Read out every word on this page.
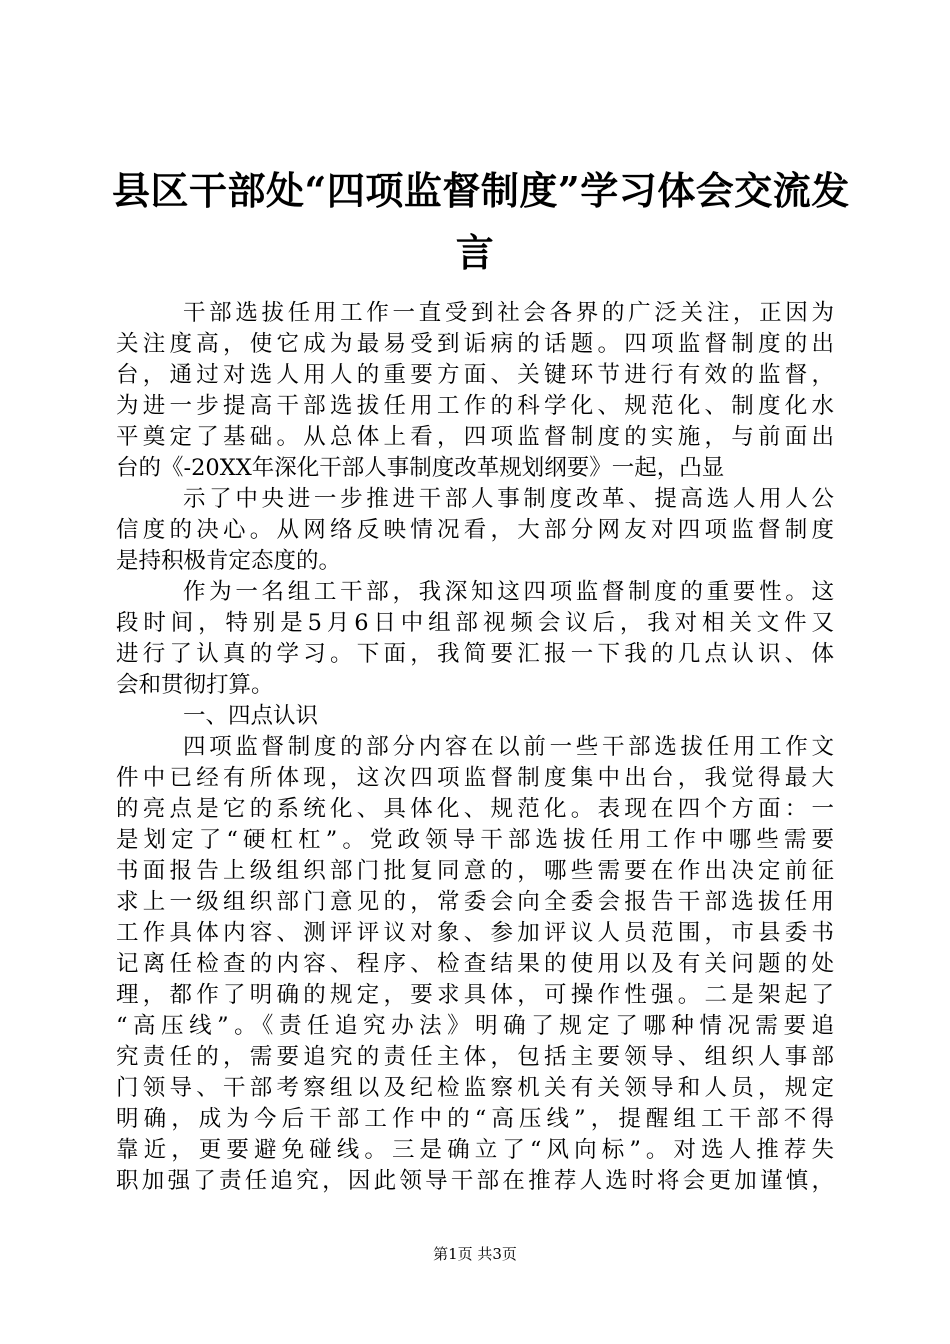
县区干部处“四项监督制度”学习体会交流发
言
干部选拔任用工作一直受到社会各界的广泛关注，正因为
关注度高，使它成为最易受到诟病的话题。四项监督制度的出
台，通过对选人用人的重要方面、关键环节进行有效的监督，
为进一步提高干部选拔任用工作的科学化、规范化、制度化水
平奠定了基础。从总体上看，四项监督制度的实施，与前面出
台的《-20XX年深化干部人事制度改革规划纲要》一起，凸显
示了中央进一步推进干部人事制度改革、提高选人用人公
信度的决心。从网络反映情况看，大部分网友对四项监督制度
是持积极肯定态度的。
作为一名组工干部，我深知这四项监督制度的重要性。这
段时间，特别是5月6日中组部视频会议后，我对相关文件又
进行了认真的学习。下面，我简要汇报一下我的几点认识、体
会和贯彻打算。
一、四点认识
四项监督制度的部分内容在以前一些干部选拔任用工作文
件中已经有所体现，这次四项监督制度集中出台，我觉得最大
的亮点是它的系统化、具体化、规范化。表现在四个方面：一
是划定了“硬杠杠”。党政领导干部选拔任用工作中哪些需要
书面报告上级组织部门批复同意的，哪些需要在作出决定前征
求上一级组织部门意见的，常委会向全委会报告干部选拔任用
工作具体内容、测评评议对象、参加评议人员范围，市县委书
记离任检查的内容、程序、检查结果的使用以及有关问题的处
理，都作了明确的规定，要求具体，可操作性强。二是架起了
“高压线”。《责任追究办法》明确了规定了哪种情况需要追
究责任的，需要追究的责任主体，包括主要领导、组织人事部
门领导、干部考察组以及纪检监察机关有关领导和人员，规定
明确，成为今后干部工作中的“高压线”，提醒组工干部不得
靠近，更要避免碰线。三是确立了“风向标”。对选人推荐失
职加强了责任追究，因此领导干部在推荐人选时将会更加谨慎，
第1页 共3页
